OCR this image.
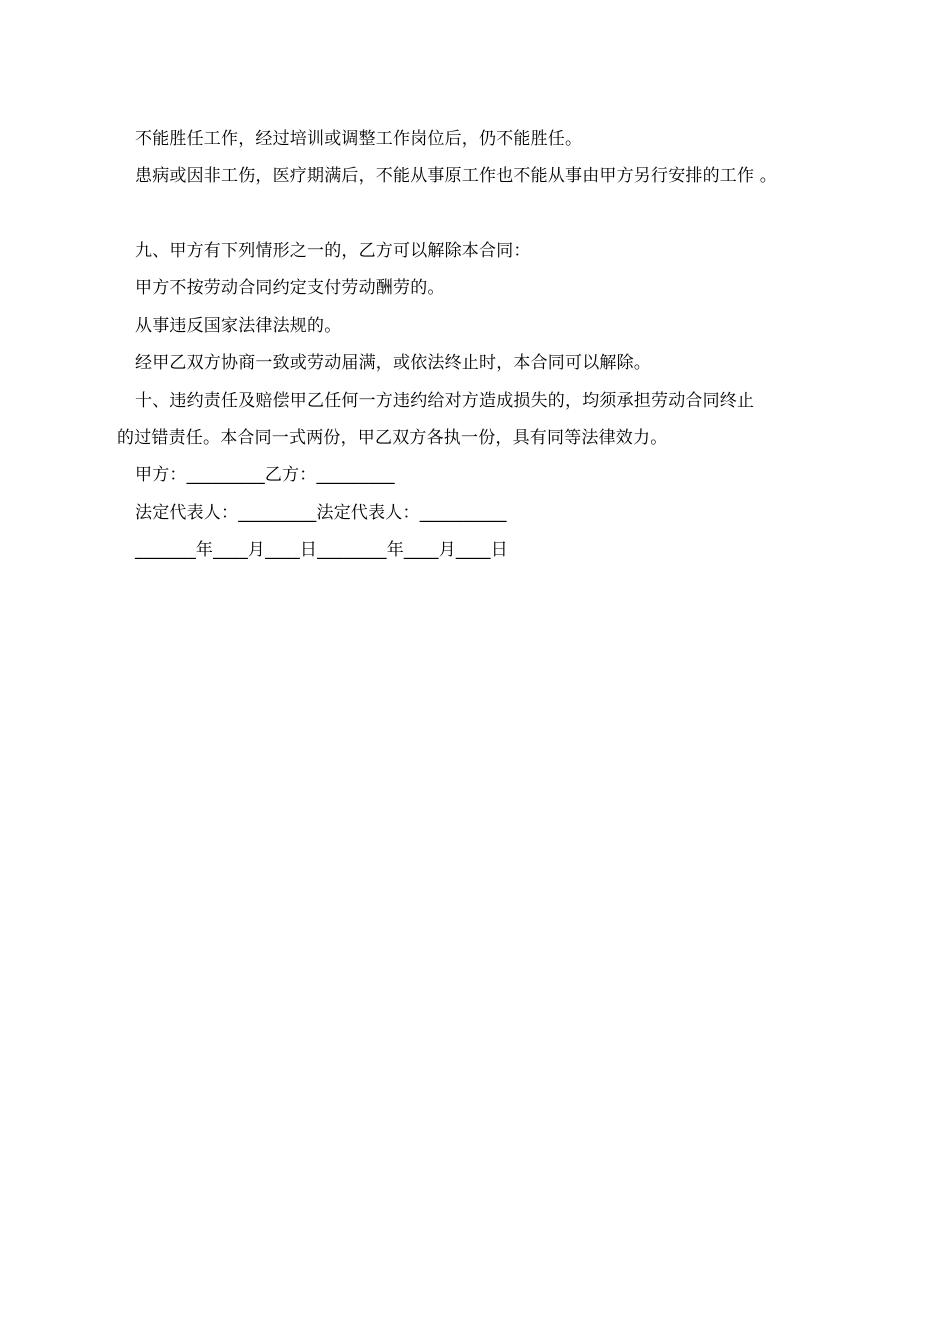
不能胜任工作，经过培训或调整工作岗位后，仍不能胜任。
患病或因非工伤，医疗期满后，不能从事原工作也不能从事由甲方另行安排的工作 。
九、甲方有下列情形之一的，乙方可以解除本合同：
甲方不按劳动合同约定支付劳动酬劳的。
从事违反国家法律法规的。
经甲乙双方协商一致或劳动届满，或依法终止时，本合同可以解除。
十、违约责任及赔偿甲乙任何一方违约给对方造成损失的，均须承担劳动合同终止
的过错责任。本合同一式两份，甲乙双方各执一份，具有同等法律效力。
甲方：_________乙方：_________
法定代表人：_________法定代表人：__________
_______年____月____日________年____月____日
